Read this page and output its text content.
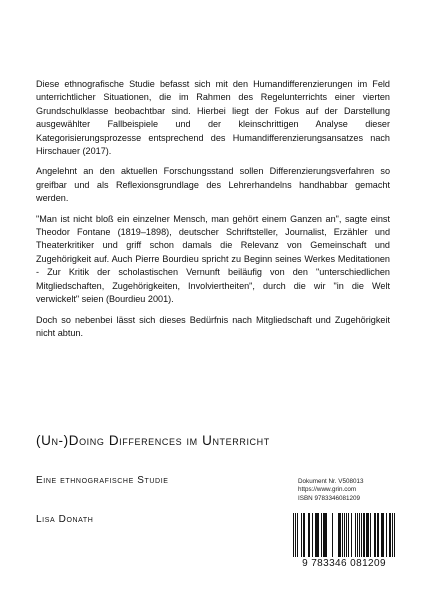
Diese ethnografische Studie befasst sich mit den Humandifferenzierungen im Feld unterrichtlicher Situationen, die im Rahmen des Regelunterrichts einer vierten Grundschulklasse beobachtbar sind. Hierbei liegt der Fokus auf der Darstellung ausgewählter Fallbeispiele und der kleinschrittigen Analyse dieser Kategorisierungsprozesse entsprechend des Humandifferenzierungsansatzes nach Hirschauer (2017).

Angelehnt an den aktuellen Forschungsstand sollen Differenzierungsverfahren so greifbar und als Reflexionsgrundlage des Lehrerhandelns handhabbar gemacht werden.

"Man ist nicht bloß ein einzelner Mensch, man gehört einem Ganzen an", sagte einst Theodor Fontane (1819–1898), deutscher Schriftsteller, Journalist, Erzähler und Theaterkritiker und griff schon damals die Relevanz von Gemeinschaft und Zugehörigkeit auf. Auch Pierre Bourdieu spricht zu Beginn seines Werkes Meditationen - Zur Kritik der scholastischen Vernunft beiläufig von den "unterschiedlichen Mitgliedschaften, Zugehörigkeiten, Involviertheiten", durch die wir "in die Welt verwickelt" seien (Bourdieu 2001).

Doch so nebenbei lässt sich dieses Bedürfnis nach Mitgliedschaft und Zugehörigkeit nicht abtun.

(Un-)Doing Differences im Unterricht
Eine ethnografische Studie
Lisa Donath
Dokument Nr. V508013
https://www.grin.com
ISBN 9783346081209
9 783346 081209
